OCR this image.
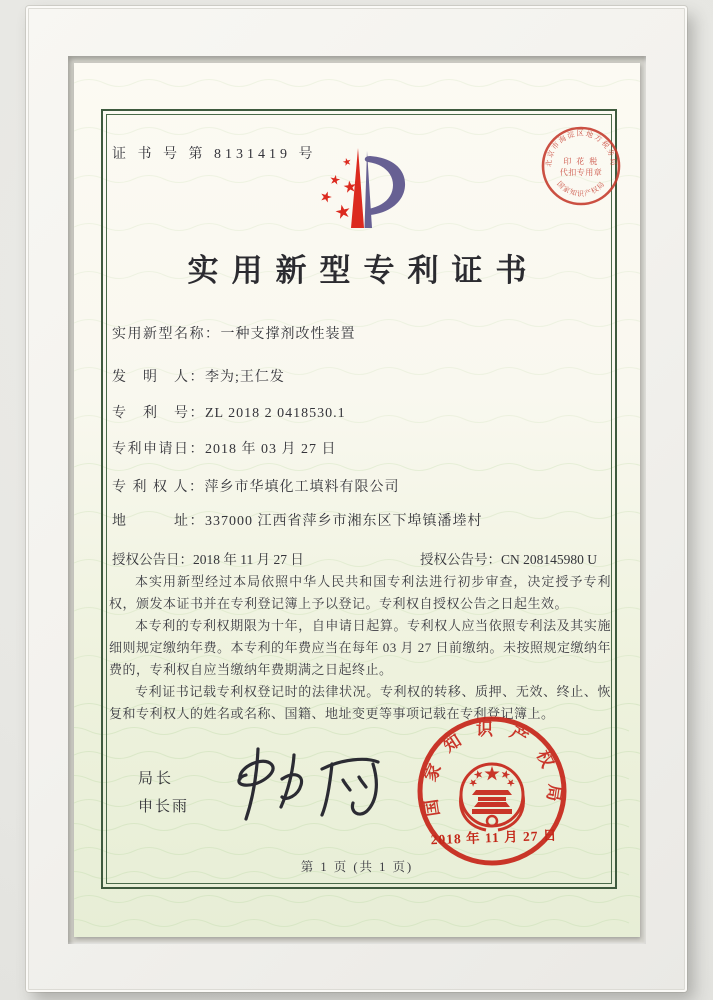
证 书 号 第 8131419 号
北京市海淀区地方税务局
印 花 税
代扣专用章
国家知识产权局
实用新型专利证书
实用新型名称：一种支撑剂改性装置
发　明　人：李为;王仁发
专　利　号：ZL 2018 2 0418530.1
专利申请日：2018 年 03 月 27 日
专 利 权 人：萍乡市华填化工填料有限公司
地　　　址：337000 江西省萍乡市湘东区下埠镇潘堘村
授权公告日：2018 年 11 月 27 日	授权公告号：CN 208145980 U

本实用新型经过本局依照中华人民共和国专利法进行初步审查，决定授予专利权，颁发本证书并在专利登记簿上予以登记。专利权自授权公告之日起生效。

本专利的专利权期限为十年，自申请日起算。专利权人应当依照专利法及其实施细则规定缴纳年费。本专利的年费应当在每年 03 月 27 日前缴纳。未按照规定缴纳年费的，专利权自应当缴纳年费期满之日起终止。

专利证书记载专利权登记时的法律状况。专利权的转移、质押、无效、终止、恢复和专利权人的姓名或名称、国籍、地址变更等事项记载在专利登记簿上。

局长
申长雨	国家知识产权局
2018 年 11 月 27 日
第 1 页 (共 1 页)
